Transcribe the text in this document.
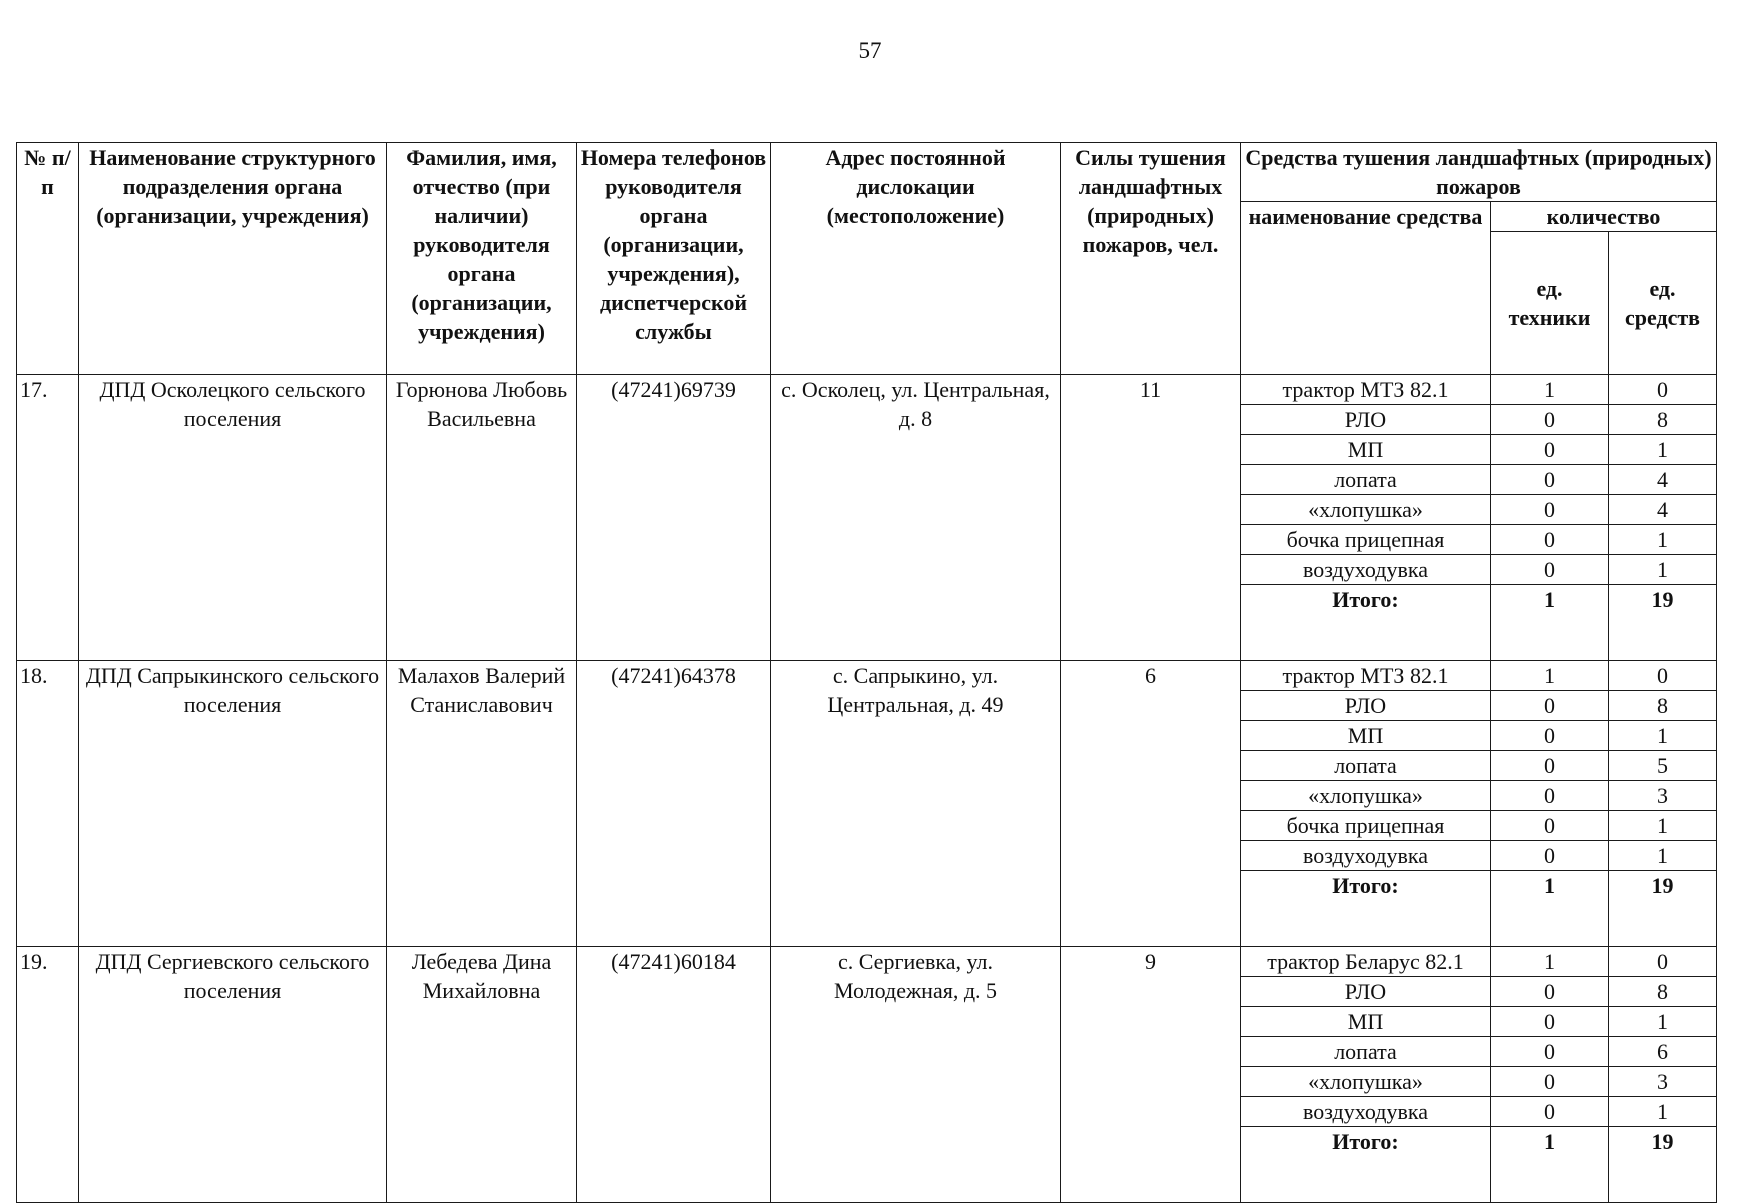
57
№ п/п	Наименование структурного подразделения органа (организации, учреждения)	Фамилия, имя, отчество (при наличии) руководителя органа (организации, учреждения)	Номера телефонов руководителя органа (организации, учреждения), диспетчерской службы	Адрес постоянной дислокации (местоположение)	Силы тушения ландшафтных (природных) пожаров, чел.	Средства тушения ландшафтных (природных) пожаров		
						наименование средства	количество	
							ед. техники	ед. средств
17.	ДПД Осколецкого сельского поселения	Горюнова Любовь Васильевна	(47241)69739	с. Осколец, ул. Центральная, д. 8	11	трактор МТЗ 82.1	1	0
						РЛО	0	8
						МП	0	1
						лопата	0	4
						«хлопушка»	0	4
						бочка прицепная	0	1
						воздуходувка	0	1
						Итого:	1	19

18.	ДПД Сапрыкинского сельского поселения	Малахов Валерий Станиславович	(47241)64378	с. Сапрыкино, ул. Центральная, д. 49	6	трактор МТЗ 82.1	1	0
						РЛО	0	8
						МП	0	1
						лопата	0	5
						«хлопушка»	0	3
						бочка прицепная	0	1
						воздуходувка	0	1
						Итого:	1	19

19.	ДПД Сергиевского сельского поселения	Лебедева Дина Михайловна	(47241)60184	с. Сергиевка, ул. Молодежная, д. 5	9	трактор Беларус 82.1	1	0
						РЛО	0	8
						МП	0	1
						лопата	0	6
						«хлопушка»	0	3
						воздуходувка	0	1
						Итого:	1	19
